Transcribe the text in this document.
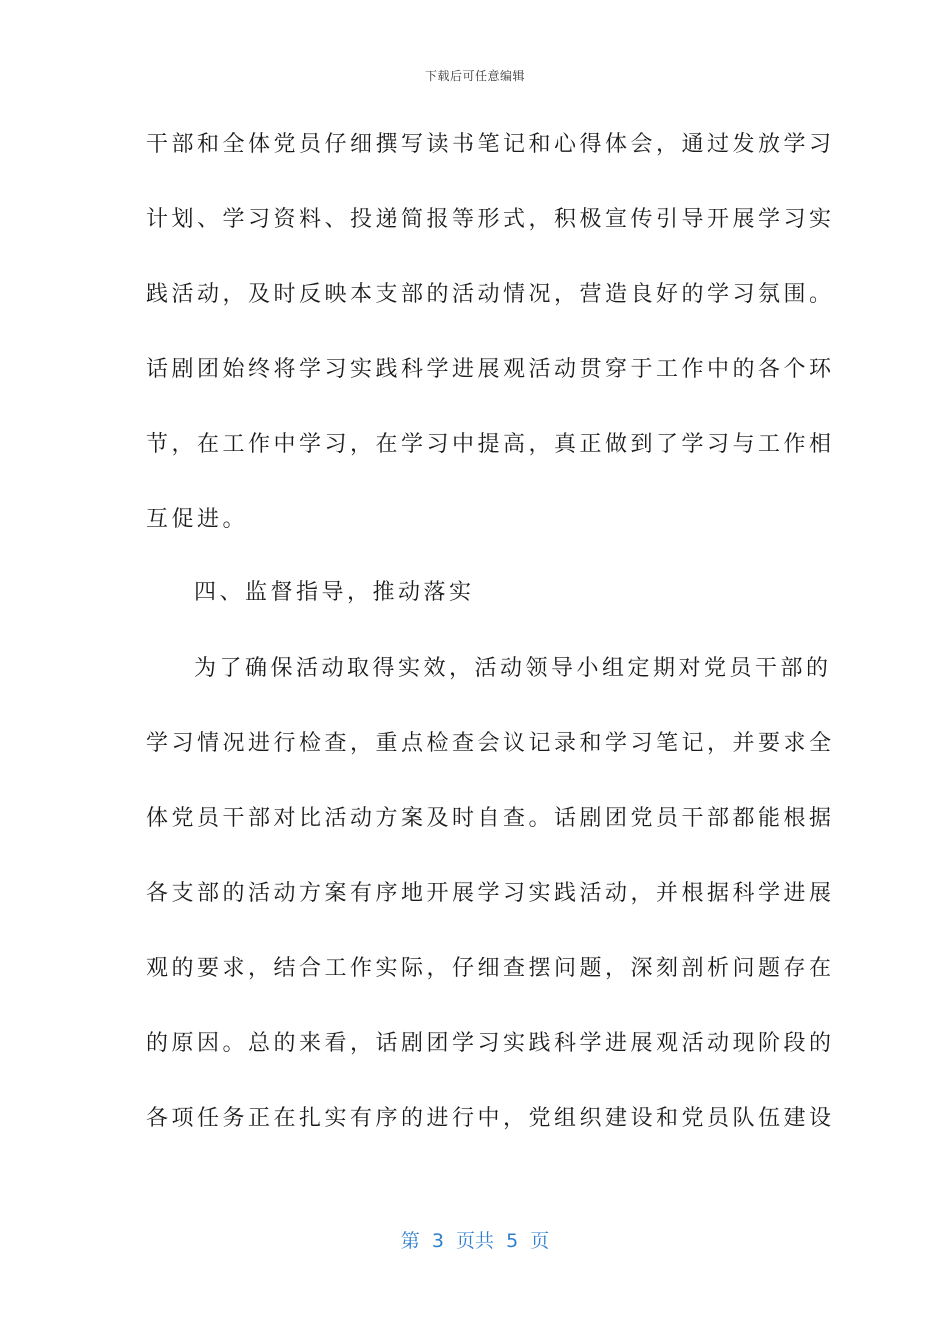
下载后可任意编辑
干部和全体党员仔细撰写读书笔记和心得体会，通过发放学习
计划、学习资料、投递简报等形式，积极宣传引导开展学习实
践活动，及时反映本支部的活动情况，营造良好的学习氛围。
话剧团始终将学习实践科学进展观活动贯穿于工作中的各个环
节，在工作中学习，在学习中提高，真正做到了学习与工作相
互促进。
四、监督指导，推动落实
为了确保活动取得实效，活动领导小组定期对党员干部的
学习情况进行检查，重点检查会议记录和学习笔记，并要求全
体党员干部对比活动方案及时自查。话剧团党员干部都能根据
各支部的活动方案有序地开展学习实践活动，并根据科学进展
观的要求，结合工作实际，仔细查摆问题，深刻剖析问题存在
的原因。总的来看，话剧团学习实践科学进展观活动现阶段的
各项任务正在扎实有序的进行中，党组织建设和党员队伍建设
第  3  页共  5  页
